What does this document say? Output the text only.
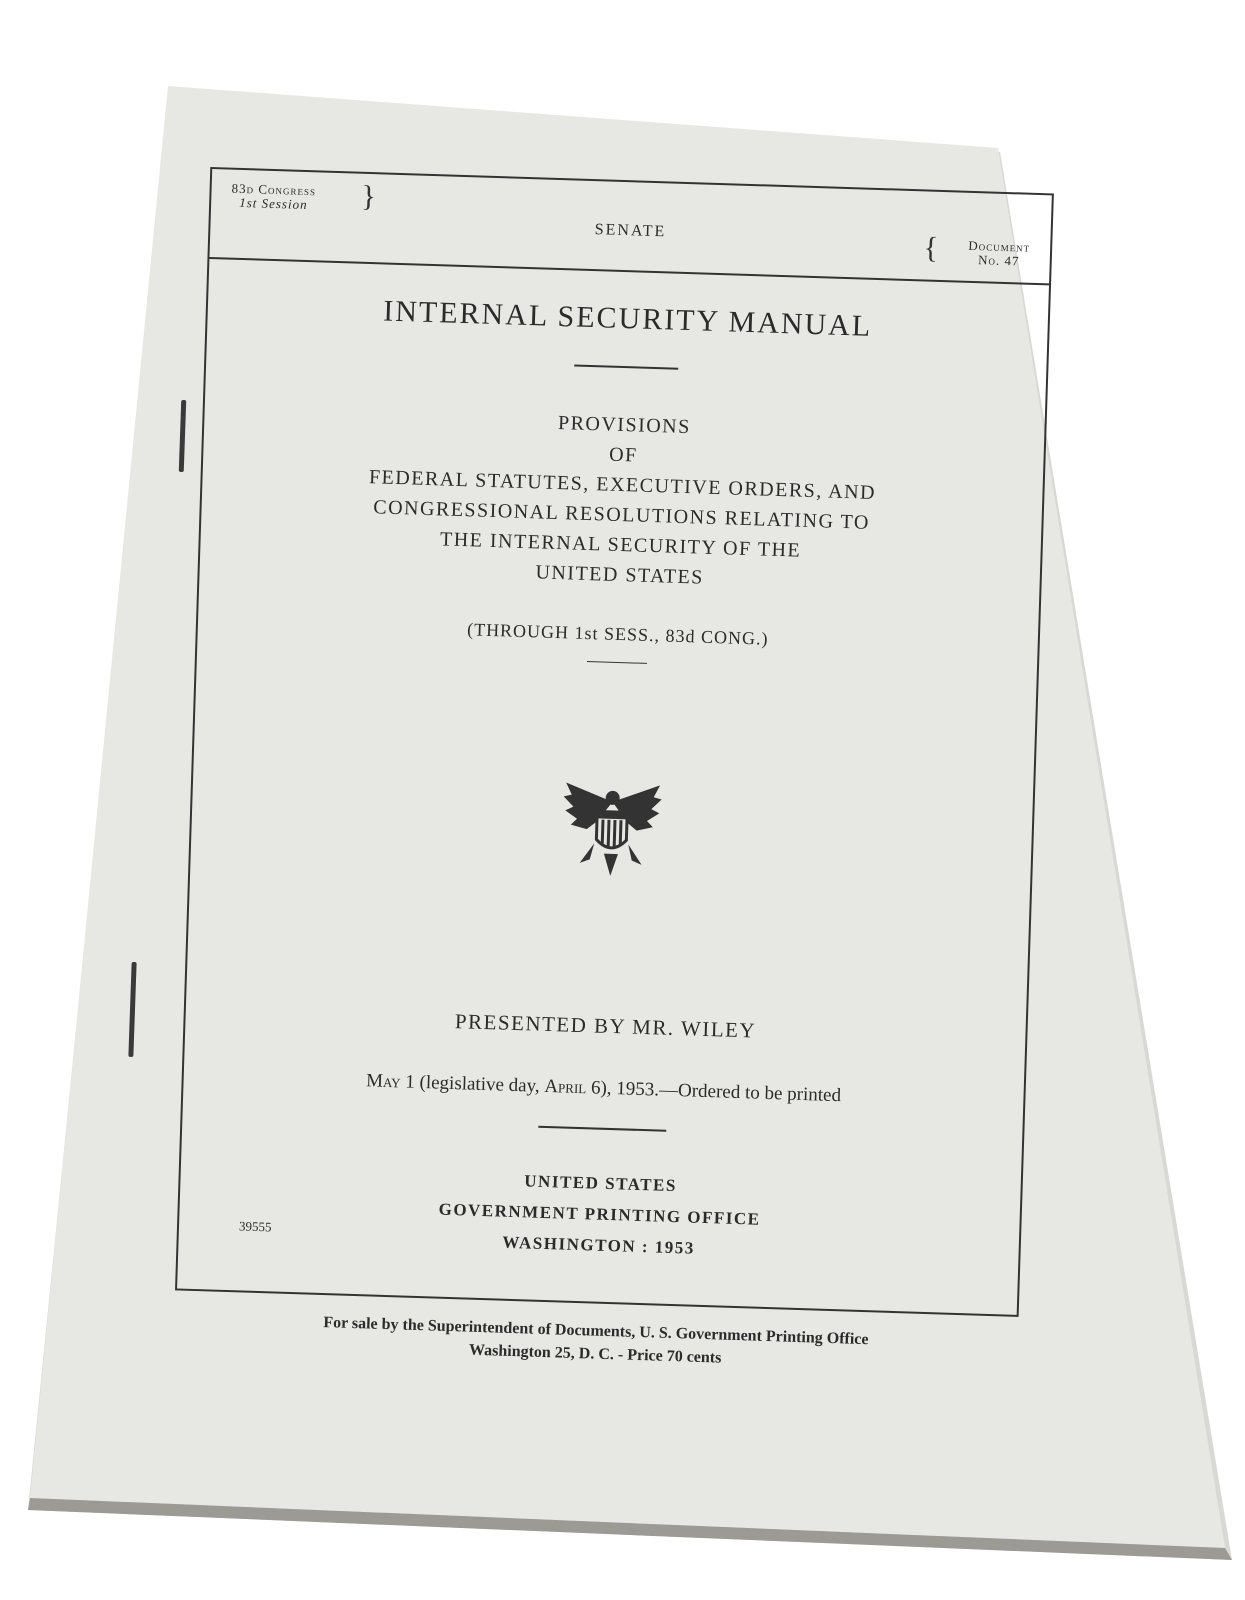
83d Congress
1st Session }
SENATE
{ Document
No. 47
INTERNAL SECURITY MANUAL
PROVISIONS
OF
FEDERAL STATUTES, EXECUTIVE ORDERS, AND
CONGRESSIONAL RESOLUTIONS RELATING TO
THE INTERNAL SECURITY OF THE
UNITED STATES
(THROUGH 1st SESS., 83d CONG.)
PRESENTED BY MR. WILEY
May 1 (legislative day, April 6), 1953.—Ordered to be printed
UNITED STATES
GOVERNMENT PRINTING OFFICE
WASHINGTON : 1953
39555
For sale by the Superintendent of Documents, U. S. Government Printing Office
Washington 25, D. C. - Price 70 cents
